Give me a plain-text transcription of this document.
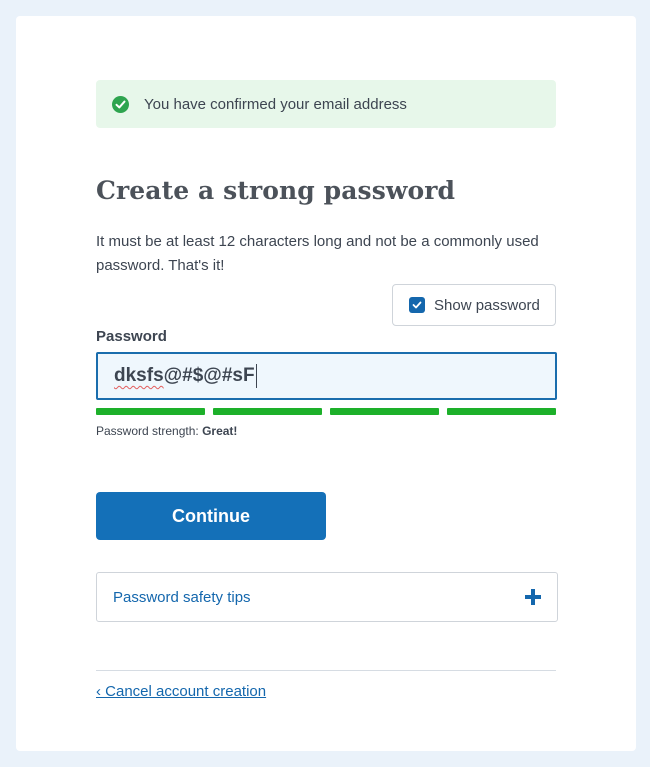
You have confirmed your email address
Create a strong password

It must be at least 12 characters long and not be a commonly used password. That's it!

Show password
Password
dksfs @#$@#sF
Password strength: Great!
Continue
Password safety tips
‹ Cancel account creation
